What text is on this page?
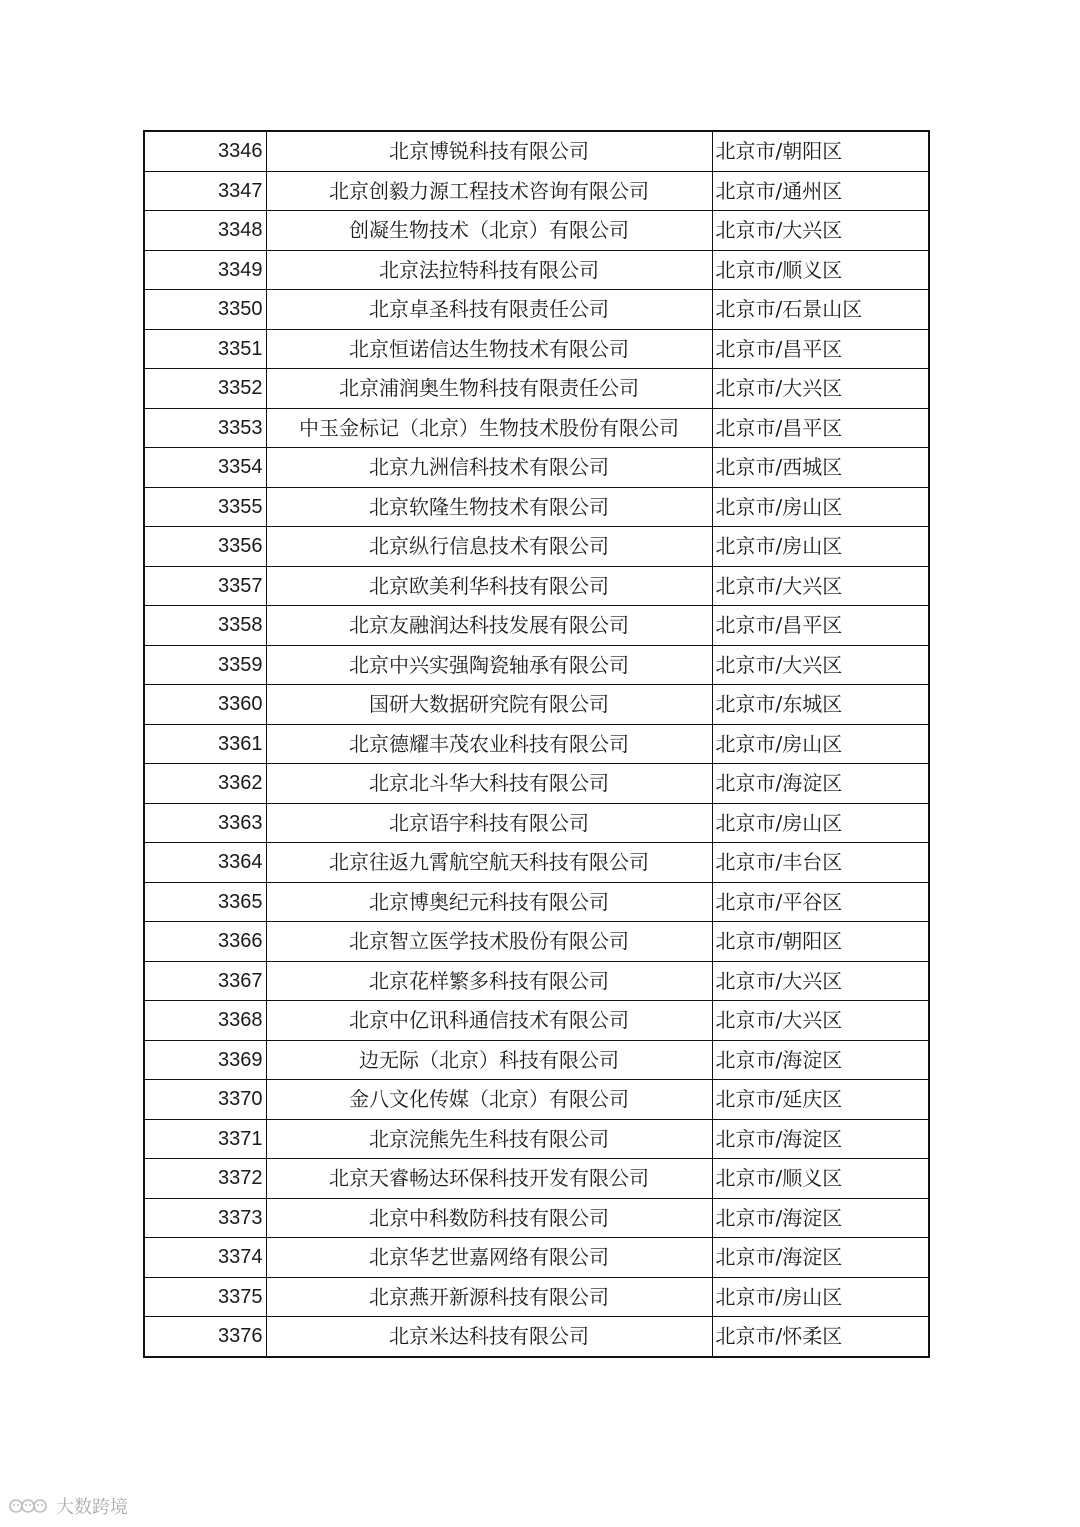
3346	北京博锐科技有限公司	北京市/朝阳区
3347	北京创毅力源工程技术咨询有限公司	北京市/通州区
3348	创凝生物技术（北京）有限公司	北京市/大兴区
3349	北京法拉特科技有限公司	北京市/顺义区
3350	北京卓圣科技有限责任公司	北京市/石景山区
3351	北京恒诺信达生物技术有限公司	北京市/昌平区
3352	北京浦润奥生物科技有限责任公司	北京市/大兴区
3353	中玉金标记（北京）生物技术股份有限公司	北京市/昌平区
3354	北京九洲信科技术有限公司	北京市/西城区
3355	北京软隆生物技术有限公司	北京市/房山区
3356	北京纵行信息技术有限公司	北京市/房山区
3357	北京欧美利华科技有限公司	北京市/大兴区
3358	北京友融润达科技发展有限公司	北京市/昌平区
3359	北京中兴实强陶瓷轴承有限公司	北京市/大兴区
3360	国研大数据研究院有限公司	北京市/东城区
3361	北京德耀丰茂农业科技有限公司	北京市/房山区
3362	北京北斗华大科技有限公司	北京市/海淀区
3363	北京语宇科技有限公司	北京市/房山区
3364	北京往返九霄航空航天科技有限公司	北京市/丰台区
3365	北京博奥纪元科技有限公司	北京市/平谷区
3366	北京智立医学技术股份有限公司	北京市/朝阳区
3367	北京花样繁多科技有限公司	北京市/大兴区
3368	北京中亿讯科通信技术有限公司	北京市/大兴区
3369	边无际（北京）科技有限公司	北京市/海淀区
3370	金八文化传媒（北京）有限公司	北京市/延庆区
3371	北京浣熊先生科技有限公司	北京市/海淀区
3372	北京天睿畅达环保科技开发有限公司	北京市/顺义区
3373	北京中科数防科技有限公司	北京市/海淀区
3374	北京华艺世嘉网络有限公司	北京市/海淀区
3375	北京燕开新源科技有限公司	北京市/房山区
3376	北京米达科技有限公司	北京市/怀柔区
大数跨境
